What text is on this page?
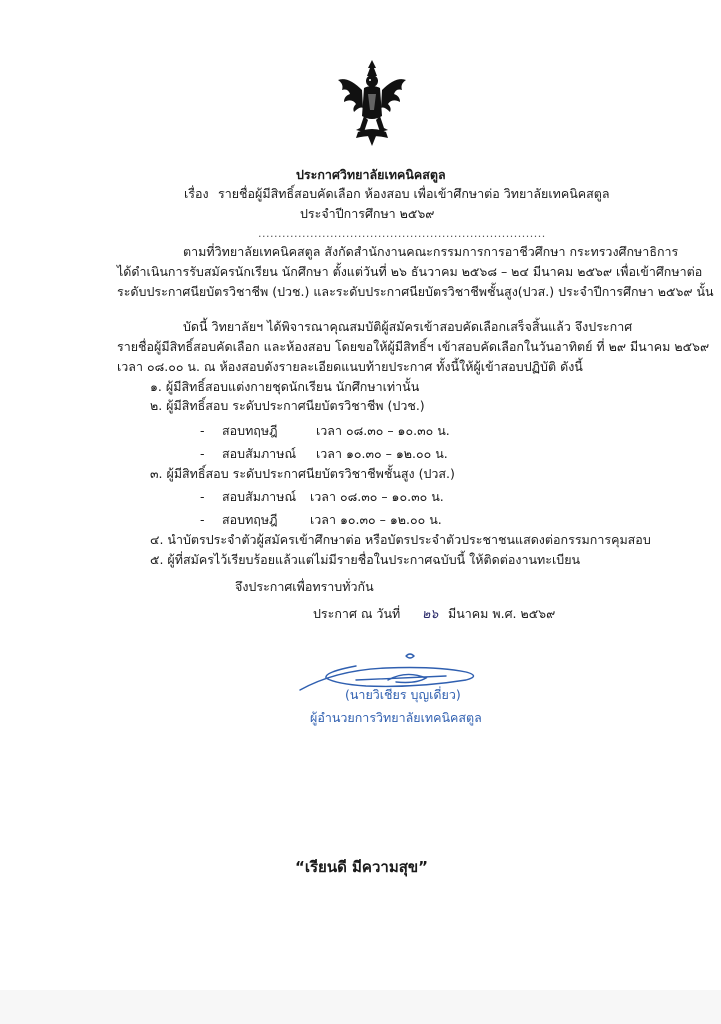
ประกาศวิทยาลัยเทคนิคสตูล
เรื่อง รายชื่อผู้มีสิทธิ์สอบคัดเลือก ห้องสอบ เพื่อเข้าศึกษาต่อ วิทยาลัยเทคนิคสตูล
ประจำปีการศึกษา ๒๕๖๙
........................................................................
ตามที่วิทยาลัยเทคนิคสตูล สังกัดสำนักงานคณะกรรมการการอาชีวศึกษา กระทรวงศึกษาธิการ
ได้ดำเนินการรับสมัครนักเรียน นักศึกษา ตั้งแต่วันที่ ๒๖ ธันวาคม ๒๕๖๘ – ๒๔ มีนาคม ๒๕๖๙ เพื่อเข้าศึกษาต่อ
ระดับประกาศนียบัตรวิชาชีพ (ปวช.) และระดับประกาศนียบัตรวิชาชีพชั้นสูง(ปวส.) ประจำปีการศึกษา ๒๕๖๙ นั้น
บัดนี้ วิทยาลัยฯ ได้พิจารณาคุณสมบัติผู้สมัครเข้าสอบคัดเลือกเสร็จสิ้นแล้ว จึงประกาศ
รายชื่อผู้มีสิทธิ์สอบคัดเลือก และห้องสอบ โดยขอให้ผู้มีสิทธิ์ฯ เข้าสอบคัดเลือกในวันอาทิตย์ ที่ ๒๙ มีนาคม ๒๕๖๙
เวลา ๐๘.๐๐ น. ณ ห้องสอบดังรายละเอียดแนบท้ายประกาศ ทั้งนี้ให้ผู้เข้าสอบปฏิบัติ ดังนี้
๑. ผู้มีสิทธิ์สอบแต่งกายชุดนักเรียน นักศึกษาเท่านั้น
๒. ผู้มีสิทธิ์สอบ ระดับประกาศนียบัตรวิชาชีพ (ปวช.)
- สอบทฤษฎี	เวลา ๐๘.๓๐ – ๑๐.๓๐ น.
- สอบสัมภาษณ์ เวลา ๑๐.๓๐ – ๑๒.๐๐ น.
๓. ผู้มีสิทธิ์สอบ ระดับประกาศนียบัตรวิชาชีพชั้นสูง (ปวส.)
- สอบสัมภาษณ์ เวลา ๐๘.๓๐ – ๑๐.๓๐ น.
- สอบทฤษฎี	เวลา ๑๐.๓๐ – ๑๒.๐๐ น.
๔. นำบัตรประจำตัวผู้สมัครเข้าศึกษาต่อ หรือบัตรประจำตัวประชาชนแสดงต่อกรรมการคุมสอบ
๕. ผู้ที่สมัครไว้เรียบร้อยแล้วแต่ไม่มีรายชื่อในประกาศฉบับนี้ ให้ติดต่องานทะเบียน
จึงประกาศเพื่อทราบทั่วกัน
ประกาศ ณ วันที่ ๒๖ มีนาคม พ.ศ. ๒๕๖๙
(นายวิเชียร บุญเดี่ยว)
ผู้อำนวยการวิทยาลัยเทคนิคสตูล
“เรียนดี มีความสุข”
